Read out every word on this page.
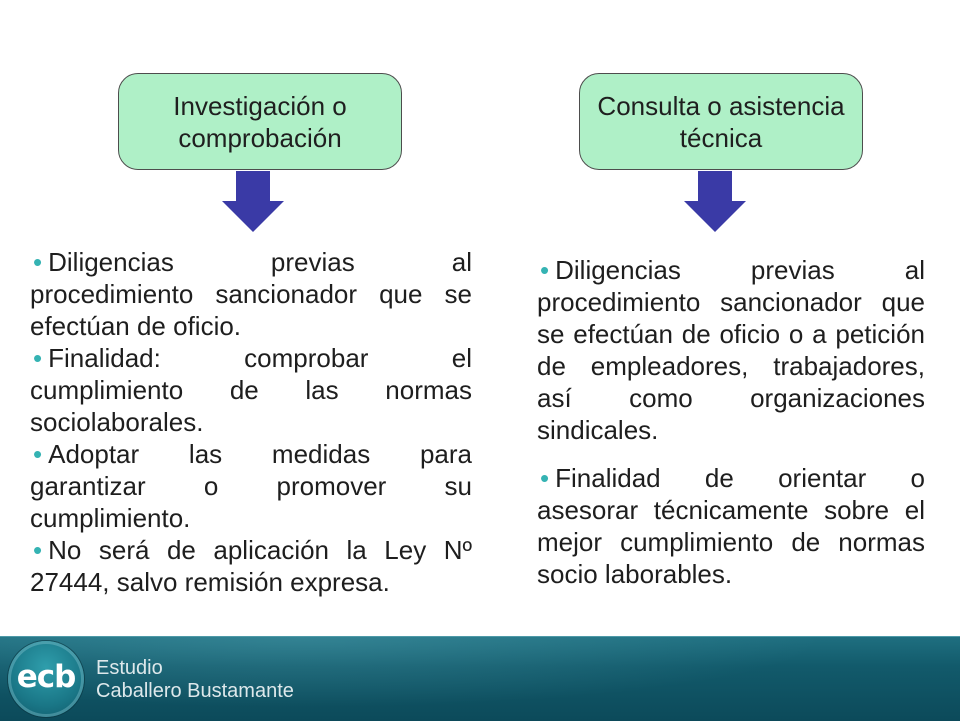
Investigación o
comprobación
Consulta o asistencia
técnica
• Diligencias previas al
procedimiento sancionador que se
efectúan de oficio.
• Finalidad: comprobar el
cumplimiento de las normas
sociolaborales.
• Adoptar las medidas para
garantizar o promover su
cumplimiento.
• No será de aplicación la Ley Nº
27444, salvo remisión expresa.
• Diligencias previas al
procedimiento sancionador que
se efectúan de oficio o a petición
de empleadores, trabajadores,
así como organizaciones
sindicales.
• Finalidad de orientar o
asesorar técnicamente sobre el
mejor cumplimiento de normas
socio laborables.
ecb Estudio
Caballero Bustamante
